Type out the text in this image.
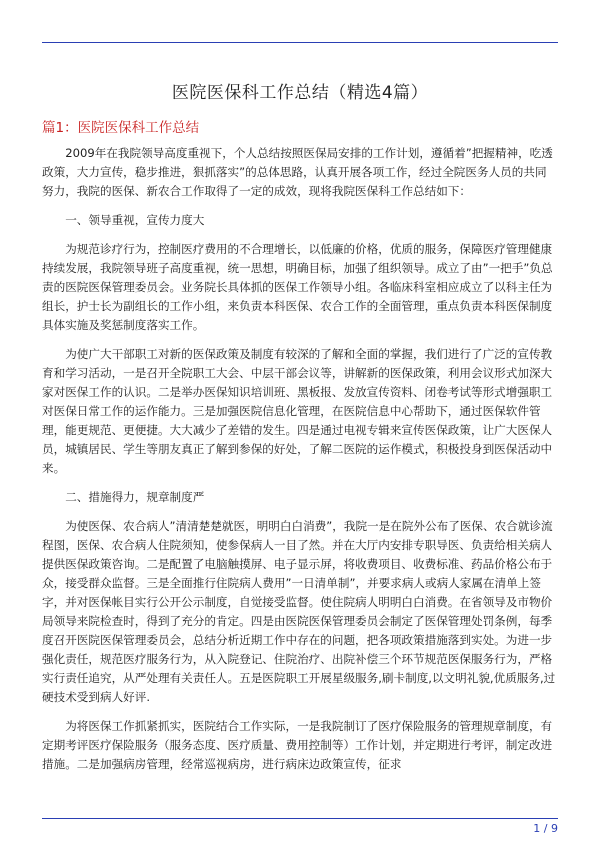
医院医保科工作总结（精选4篇）
篇1：医院医保科工作总结

2009年在我院领导高度重视下，个人总结按照医保局安排的工作计划，遵循着”把握精神，吃透政策，大力宣传，稳步推进，狠抓落实”的总体思路，认真开展各项工作，经过全院医务人员的共同努力，我院的医保、新农合工作取得了一定的成效，现将我院医保科工作总结如下：

一、领导重视，宣传力度大

为规范诊疗行为，控制医疗费用的不合理增长，以低廉的价格，优质的服务，保障医疗管理健康持续发展，我院领导班子高度重视，统一思想，明确目标，加强了组织领导。成立了由”一把手”负总责的医院医保管理委员会。业务院长具体抓的医保工作领导小组。各临床科室相应成立了以科主任为组长，护士长为副组长的工作小组，来负责本科医保、农合工作的全面管理，重点负责本科医保制度具体实施及奖惩制度落实工作。

为使广大干部职工对新的医保政策及制度有较深的了解和全面的掌握，我们进行了广泛的宣传教育和学习活动，一是召开全院职工大会、中层干部会议等，讲解新的医保政策，利用会议形式加深大家对医保工作的认识。二是举办医保知识培训班、黑板报、发放宣传资料、闭卷考试等形式增强职工对医保日常工作的运作能力。三是加强医院信息化管理，在医院信息中心帮助下，通过医保软件管理，能更规范、更便捷。大大减少了差错的发生。四是通过电视专辑来宣传医保政策，让广大医保人员，城镇居民、学生等朋友真正了解到参保的好处，了解二医院的运作模式，积极投身到医保活动中来。

二、措施得力，规章制度严

为使医保、农合病人”清清楚楚就医，明明白白消费”，我院一是在院外公布了医保、农合就诊流程图，医保、农合病人住院须知，使参保病人一目了然。并在大厅内安排专职导医、负责给相关病人提供医保政策咨询。二是配置了电脑触摸屏、电子显示屏，将收费项目、收费标准、药品价格公布于众，接受群众监督。三是全面推行住院病人费用”一日清单制”，并要求病人或病人家属在清单上签字，并对医保帐目实行公开公示制度，自觉接受监督。使住院病人明明白白消费。在省领导及市物价局领导来院检查时，得到了充分的肯定。四是由医院医保管理委员会制定了医保管理处罚条例，每季度召开医院医保管理委员会，总结分析近期工作中存在的问题，把各项政策措施落到实处。为进一步强化责任，规范医疗服务行为，从入院登记、住院治疗、出院补偿三个环节规范医保服务行为，严格实行责任追究，从严处理有关责任人。五是医院职工开展星级服务,刷卡制度,以文明礼貌,优质服务,过硬技术受到病人好评.

为将医保工作抓紧抓实，医院结合工作实际，一是我院制订了医疗保险服务的管理规章制度，有定期考评医疗保险服务（服务态度、医疗质量、费用控制等）工作计划，并定期进行考评，制定改进措施。二是加强病房管理，经常巡视病房，进行病床边政策宣传，征求

1 / 9
